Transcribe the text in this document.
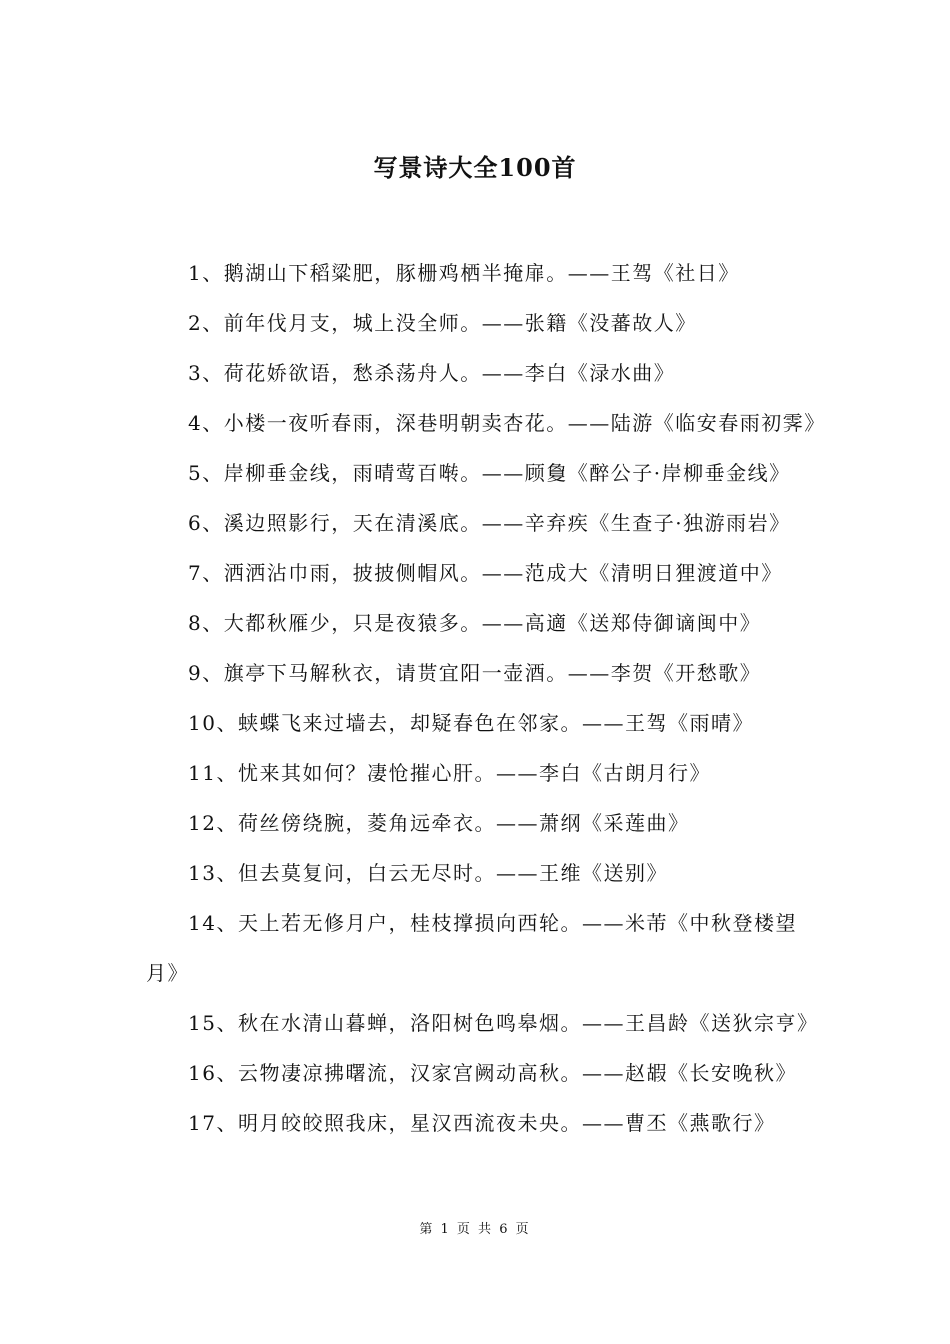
写景诗大全100首

1、鹅湖山下稻粱肥，豚栅鸡栖半掩扉。——王驾《社日》

2、前年伐月支，城上没全师。——张籍《没蕃故人》

3、荷花娇欲语，愁杀荡舟人。——李白《渌水曲》

4、小楼一夜听春雨，深巷明朝卖杏花。——陆游《临安春雨初霁》

5、岸柳垂金线，雨晴莺百啭。——顾敻《醉公子·岸柳垂金线》

6、溪边照影行，天在清溪底。——辛弃疾《生查子·独游雨岩》

7、洒洒沾巾雨，披披侧帽风。——范成大《清明日狸渡道中》

8、大都秋雁少，只是夜猿多。——高適《送郑侍御谪闽中》

9、旗亭下马解秋衣，请贳宜阳一壶酒。——李贺《开愁歌》

10、蛱蝶飞来过墙去，却疑春色在邻家。——王驾《雨晴》

11、忧来其如何？凄怆摧心肝。——李白《古朗月行》

12、荷丝傍绕腕，菱角远牵衣。——萧纲《采莲曲》

13、但去莫复问，白云无尽时。——王维《送别》

14、天上若无修月户，桂枝撑损向西轮。——米芾《中秋登楼望月》

15、秋在水清山暮蝉，洛阳树色鸣皋烟。——王昌龄《送狄宗亨》

16、云物凄凉拂曙流，汉家宫阙动高秋。——赵嘏《长安晚秋》

17、明月皎皎照我床，星汉西流夜未央。——曹丕《燕歌行》

第 1 页 共 6 页
